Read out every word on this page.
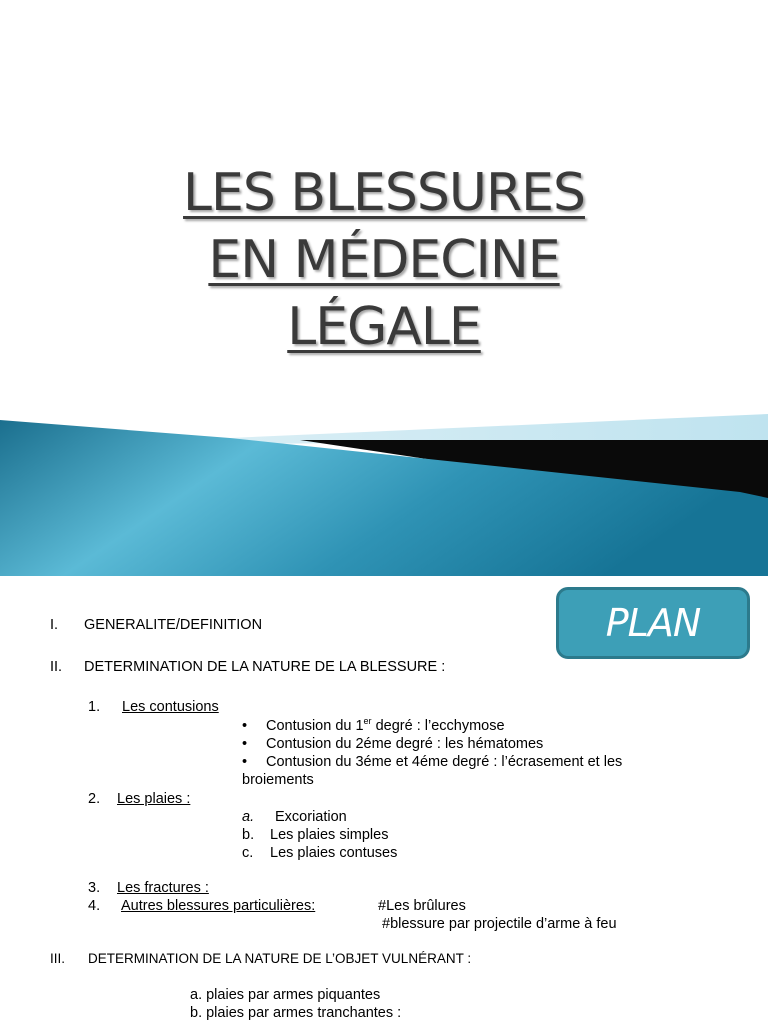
LES BLESSURES
EN MÉDECINE
LÉGALE
PLAN
I. GENERALITE/DEFINITION
II. DETERMINATION DE LA NATURE DE LA BLESSURE :
1. Les contusions
• Contusion du 1er degré : l’ecchymose
• Contusion du 2éme degré : les hématomes
•	Contusion du 3éme et 4éme degré : l’écrasement et les broiements
2. Les plaies :
a. Excoriation
b. Les plaies simples
c. Les plaies contuses
3. Les fractures :
4. Autres blessures particulières:	#Les brûlures
#blessure par projectile d’arme à feu
III. DETERMINATION DE LA NATURE DE L’OBJET VULNÉRANT :
a. plaies par armes piquantes
b. plaies par armes tranchantes :
